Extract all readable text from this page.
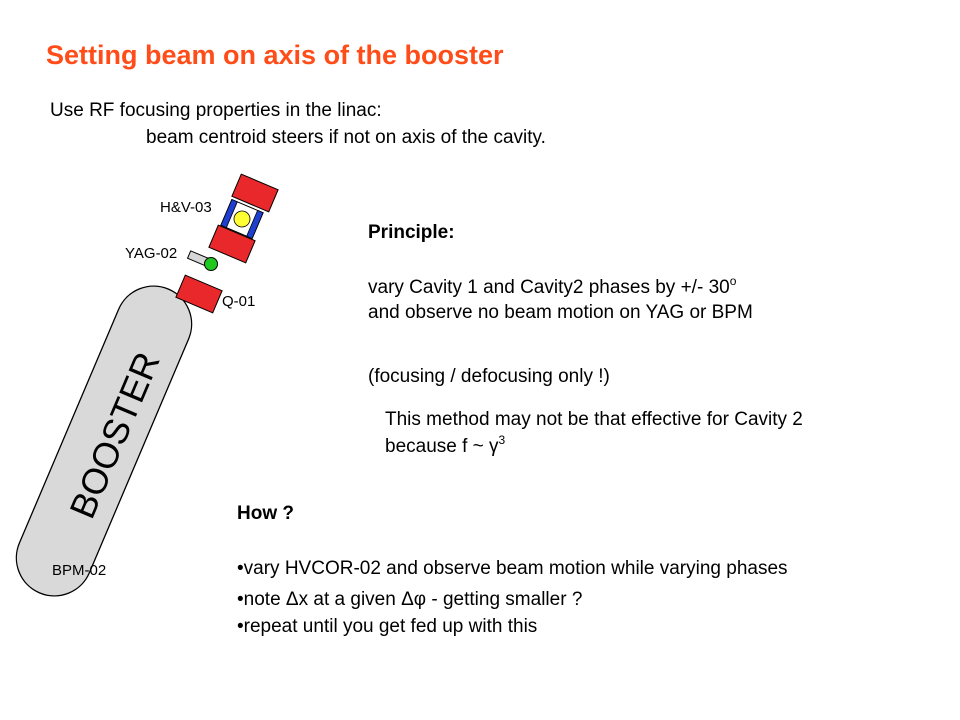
Setting beam on axis of the booster
Use RF focusing properties in the linac:
beam centroid steers if not on axis of the cavity.
Principle:
vary Cavity 1 and Cavity2 phases by +/- 30$^o$
and observe no beam motion on YAG or BPM
(focusing / defocusing only !)
This method may not be that effective for Cavity 2
because f ~ $\gamma^3$
How ?
•vary HVCOR-02 and observe beam motion while varying phases
•note Δx at a given Δφ - getting smaller ?
•repeat until you get fed up with this
BOOSTER
Q-01
YAG-02
H&V-03
BPM-02
